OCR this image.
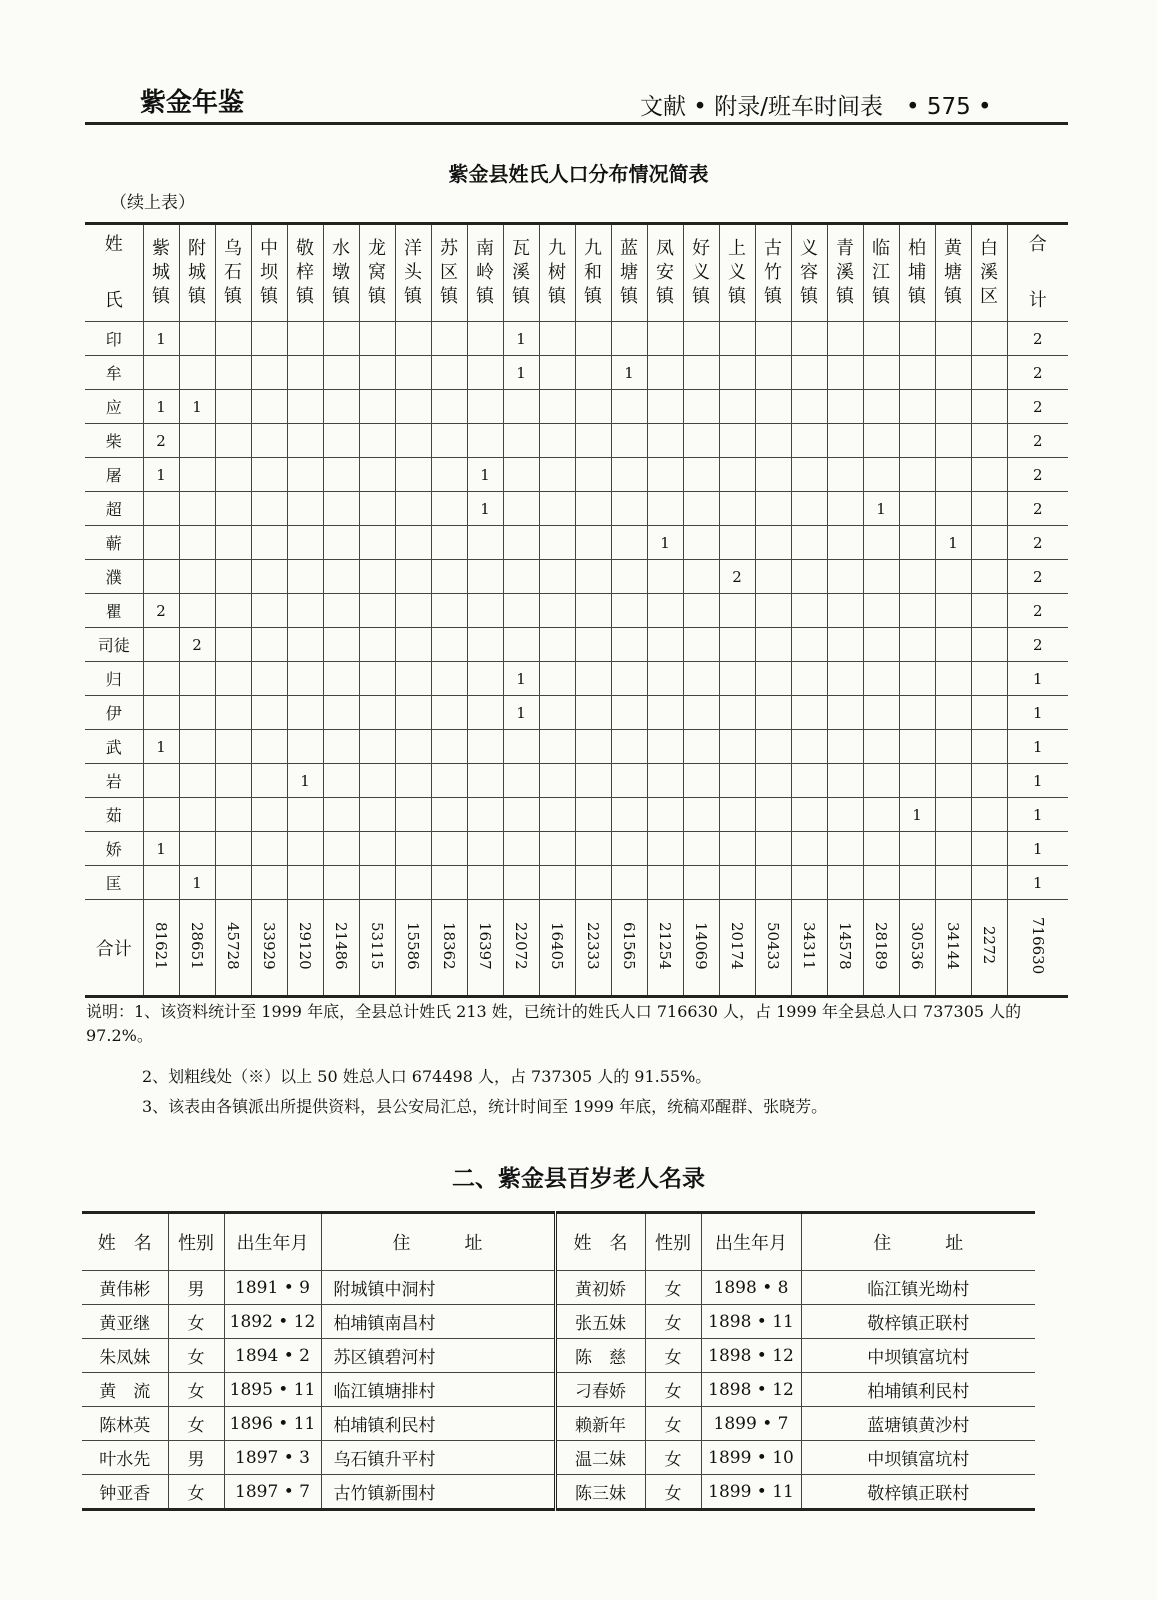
紫金年鉴	文献 • 附录/班车时间表　• 575 •
紫金县姓氏人口分布情况简表
（续上表）
姓

氏	紫
城
镇	附
城
镇	乌
石
镇	中
坝
镇	敬
梓
镇	水
墩
镇	龙
窝
镇	洋
头
镇	苏
区
镇	南
岭
镇	瓦
溪
镇	九
树
镇	九
和
镇	蓝
塘
镇	凤
安
镇	好
义
镇	上
义
镇	古
竹
镇	义
容
镇	青
溪
镇	临
江
镇	柏
埔
镇	黄
塘
镇	白
溪
区	合

计
印	1										1														2
牟											1			1											2
应	1	1																							2
柴	2																								2
屠	1									1															2
超										1											1				2
蕲															1								1		2
濮																	2								2
瞿	2																								2
司徒		2																							2
归											1														1
伊											1														1
武	1																								1
岩					1																				1
茹																						1			1
娇	1																								1
匡		1																							1
合计	81621	28651	45728	33929	29120	21486	53115	15586	18362	16397	22072	16405	22333	61565	21254	14069	20174	50433	34311	14578	28189	30536	34144	2272	716630
说明：1、该资料统计至 1999 年底，全县总计姓氏 213 姓，已统计的姓氏人口 716630 人，占 1999 年全县总人口 737305 人的 97.2%。
2、划粗线处（※）以上 50 姓总人口 674498 人，占 737305 人的 91.55%。
3、该表由各镇派出所提供资料，县公安局汇总，统计时间至 1999 年底，统稿邓醒群、张晓芳。
二、紫金县百岁老人名录
姓　名	性别	出生年月	住　　　址	姓　名	性别	出生年月	住　　　址
黄伟彬	男	1891 • 9	附城镇中洞村	黄初娇	女	1898 • 8	临江镇光坳村
黄亚继	女	1892 • 12	柏埔镇南昌村	张五妹	女	1898 • 11	敬梓镇正联村
朱凤妹	女	1894 • 2	苏区镇碧河村	陈　慈	女	1898 • 12	中坝镇富坑村
黄　流	女	1895 • 11	临江镇塘排村	刁春娇	女	1898 • 12	柏埔镇利民村
陈林英	女	1896 • 11	柏埔镇利民村	赖新年	女	1899 • 7	蓝塘镇黄沙村
叶水先	男	1897 • 3	乌石镇升平村	温二妹	女	1899 • 10	中坝镇富坑村
钟亚香	女	1897 • 7	古竹镇新围村	陈三妹	女	1899 • 11	敬梓镇正联村
